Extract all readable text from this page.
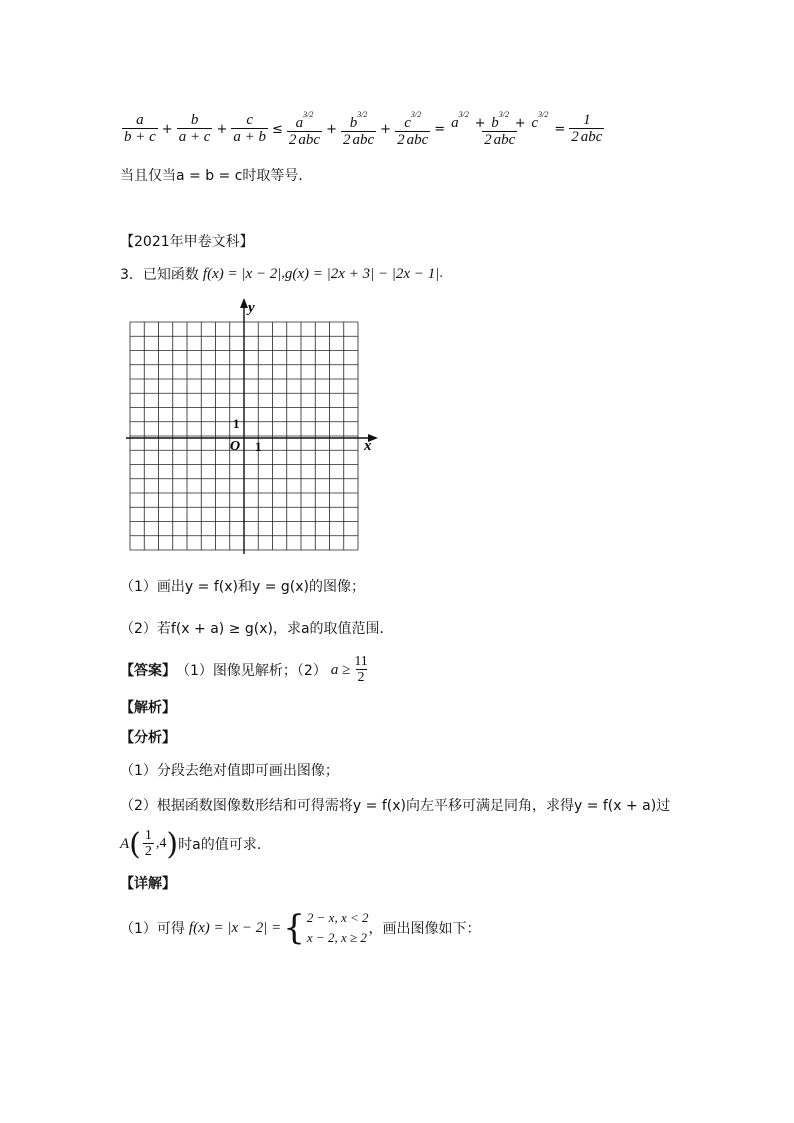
$\frac{a}{b + c} + \frac{b}{a + c} + \frac{c}{a + b} \le \frac{a^{3/2}}{\text{2 abc}} + \frac{b^{3/2}}{\text{2 abc}} + \frac{c^{3/2}}{\text{2 abc}} = \frac{a^{3/2} + b^{3/2} + c^{3/2}}{\text{2 abc}} = \frac{1}{\text{2 abc}}$
当且仅当a = b = c时取等号．
【2021年甲卷文科】
3． 已知函数 f(x) = |x − 2| , g(x) = |2x + 3| − |2x − 1| .
y
x
O 1
1
（1）画出y = f(x)和y = g(x)的图像；
（2）若f(x + a) ≥ g(x)，求a的取值范围．
【答案】 （1）图像见解析；（2） $a \ge \frac{11}{2}$
【解析】
【分析】
（1）分段去绝对值即可画出图像；
（2）根据函数图像数形结和可得需将y = f(x)向左平移可满足同角，求得y = f(x + a)过
A ( $\frac{1}{2} ,4$ ) 时a的值可求.
【详解】
（1）可得 f(x) = |x − 2| = { 2 − x, x < 2
x − 2, x ≥ 2
，画出图像如下：
